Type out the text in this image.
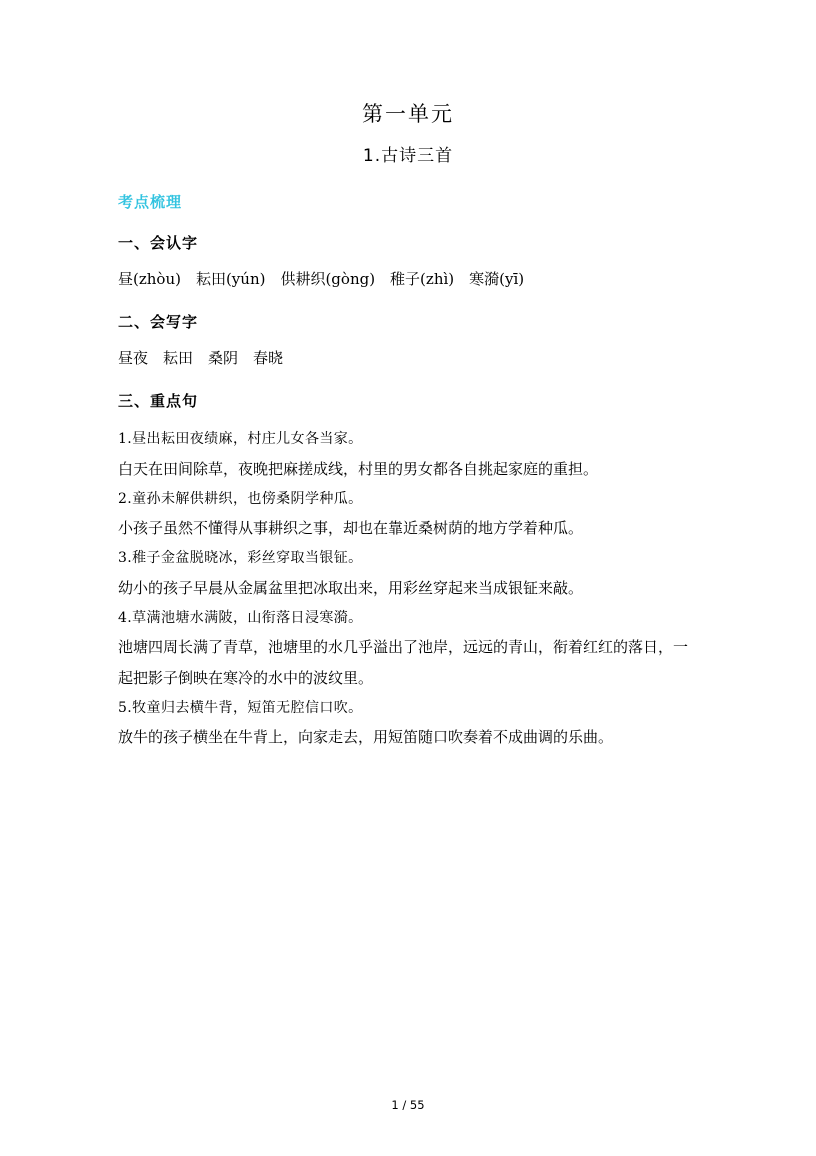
第一单元
1.古诗三首
考点梳理
一、会认字
昼(zhòu)　耘田(yún)　供耕织(gòng)　稚子(zhì)　寒漪(yī)
二、会写字
昼夜　耘田　桑阴　春晓
三、重点句

1.昼出耘田夜绩麻，村庄儿女各当家。

白天在田间除草，夜晚把麻搓成线，村里的男女都各自挑起家庭的重担。

2.童孙未解供耕织，也傍桑阴学种瓜。

小孩子虽然不懂得从事耕织之事，却也在靠近桑树荫的地方学着种瓜。

3.稚子金盆脱晓冰，彩丝穿取当银钲。

幼小的孩子早晨从金属盆里把冰取出来，用彩丝穿起来当成银钲来敲。

4.草满池塘水满陂，山衔落日浸寒漪。

池塘四周长满了青草，池塘里的水几乎溢出了池岸，远远的青山，衔着红红的落日，一起把影子倒映在寒冷的水中的波纹里。

5.牧童归去横牛背，短笛无腔信口吹。

放牛的孩子横坐在牛背上，向家走去，用短笛随口吹奏着不成曲调的乐曲。

1 / 55
